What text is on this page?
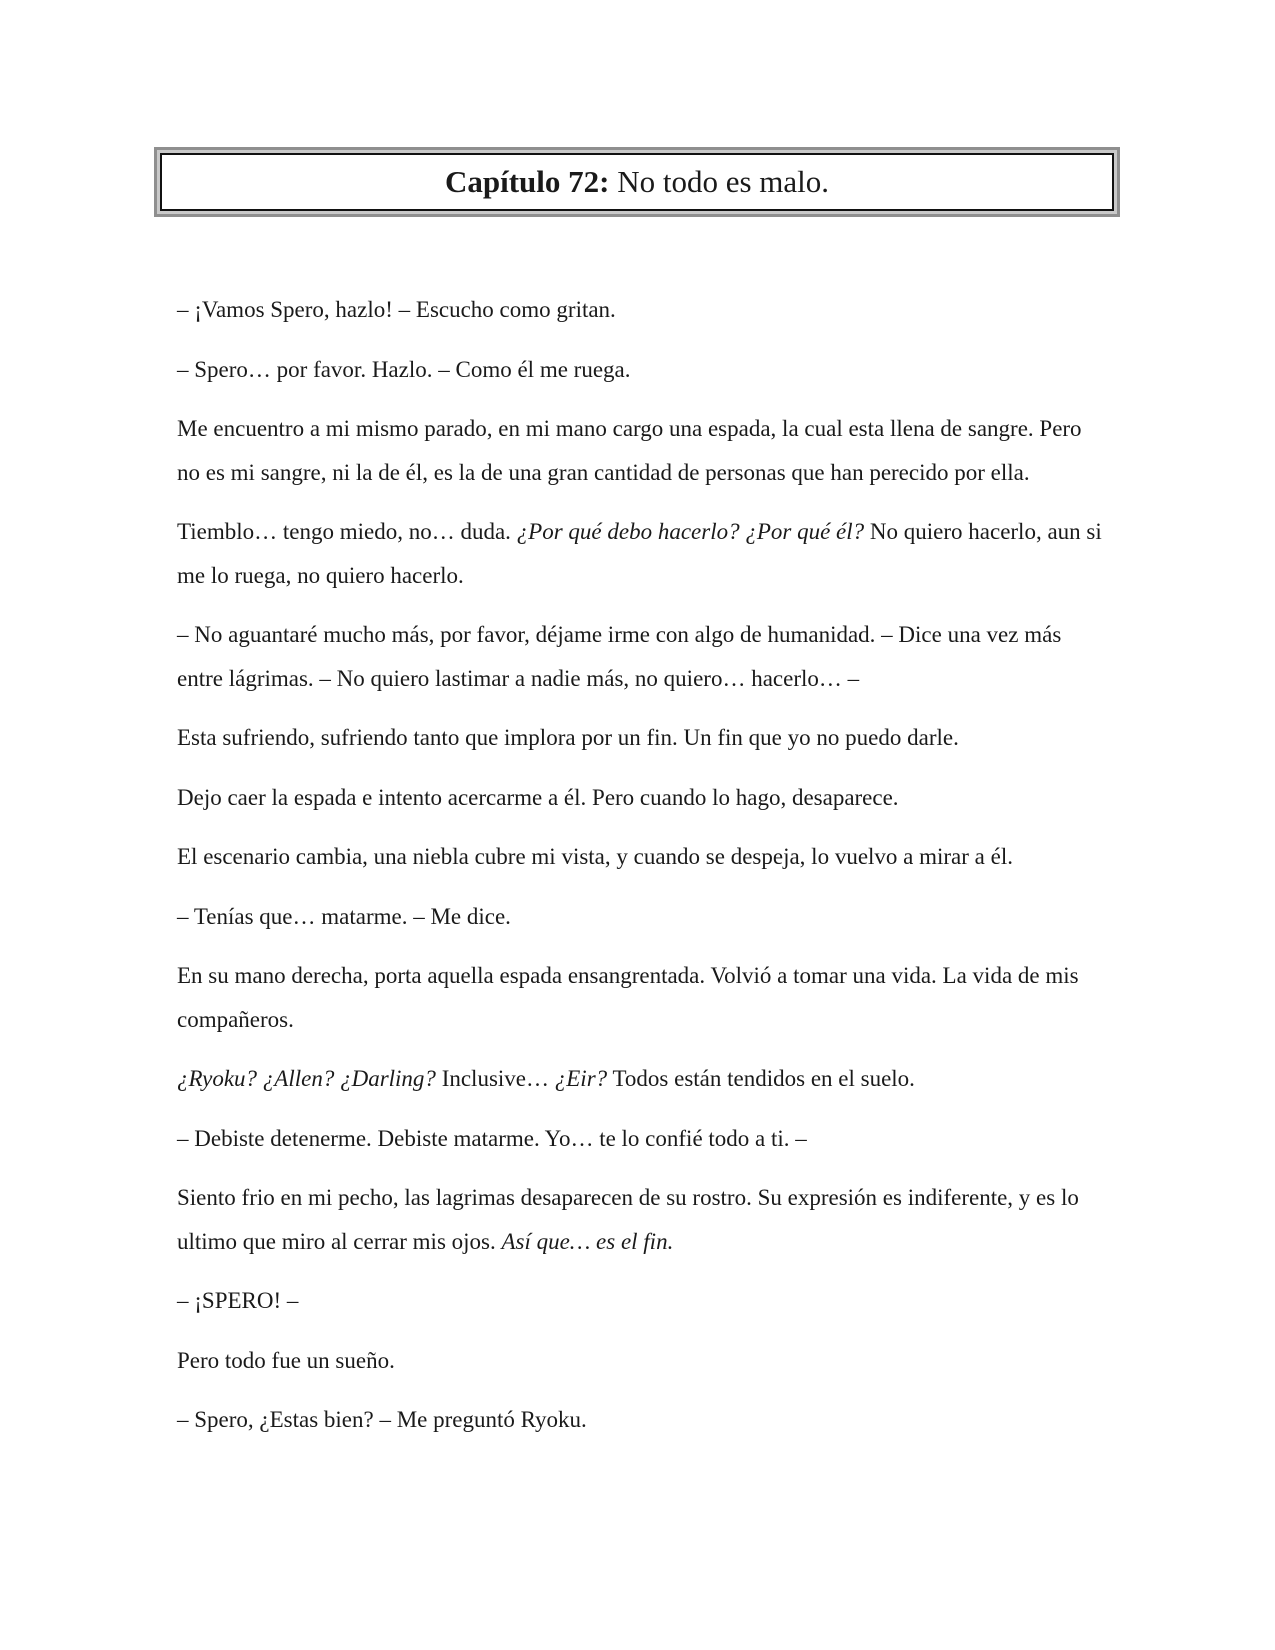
Capítulo 72:
No todo es malo.

– ¡Vamos Spero, hazlo! – Escucho como gritan.

– Spero… por favor. Hazlo. – Como él me ruega.

Me encuentro a mi mismo parado, en mi mano cargo una espada, la cual esta llena de sangre. Pero no es mi sangre, ni la de él, es la de una gran cantidad de personas que han perecido por ella.

Tiemblo… tengo miedo, no… duda. ¿Por qué debo hacerlo? ¿Por qué él? No quiero hacerlo, aun si me lo ruega, no quiero hacerlo.

– No aguantaré mucho más, por favor, déjame irme con algo de humanidad. – Dice una vez más entre lágrimas. – No quiero lastimar a nadie más, no quiero… hacerlo… –

Esta sufriendo, sufriendo tanto que implora por un fin. Un fin que yo no puedo darle.

Dejo caer la espada e intento acercarme a él. Pero cuando lo hago, desaparece.

El escenario cambia, una niebla cubre mi vista, y cuando se despeja, lo vuelvo a mirar a él.

– Tenías que… matarme. – Me dice.

En su mano derecha, porta aquella espada ensangrentada. Volvió a tomar una vida. La vida de mis compañeros.

¿Ryoku? ¿Allen? ¿Darling? Inclusive… ¿Eir? Todos están tendidos en el suelo.

– Debiste detenerme. Debiste matarme. Yo… te lo confié todo a ti. –

Siento frio en mi pecho, las lagrimas desaparecen de su rostro. Su expresión es indiferente, y es lo ultimo que miro al cerrar mis ojos. Así que… es el fin.

– ¡SPERO! –

Pero todo fue un sueño.

– Spero, ¿Estas bien? – Me preguntó Ryoku.
